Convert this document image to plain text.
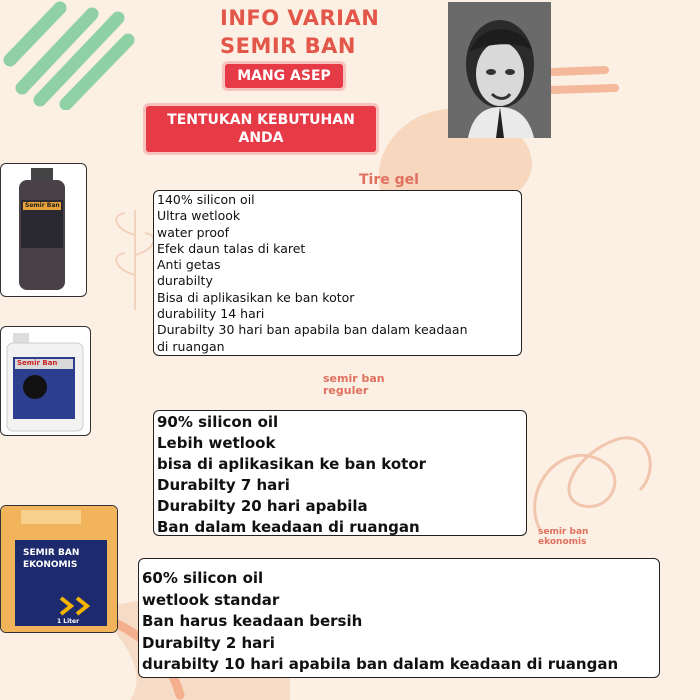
INFO VARIAN
SEMIR BAN
MANG ASEP
TENTUKAN KEBUTUHAN
ANDA
Semir Ban
Semir Ban
SEMIR BAN
EKONOMIS
1 Liter
Tire gel
semir ban
reguler
semir ban
ekonomis
140% silicon oil
Ultra wetlook
water proof
Efek daun talas di karet
Anti getas
durabilty
Bisa di aplikasikan ke ban kotor
durability 14 hari
Durabilty 30 hari ban apabila ban dalam keadaan
di ruangan
90% silicon oil
Lebih wetlook
bisa di aplikasikan ke ban kotor
Durabilty 7 hari
Durabilty 20 hari apabila
Ban dalam keadaan di ruangan
60% silicon oil
wetlook standar
Ban harus keadaan bersih
Durabilty 2 hari
durabilty 10 hari apabila ban dalam keadaan di ruangan
